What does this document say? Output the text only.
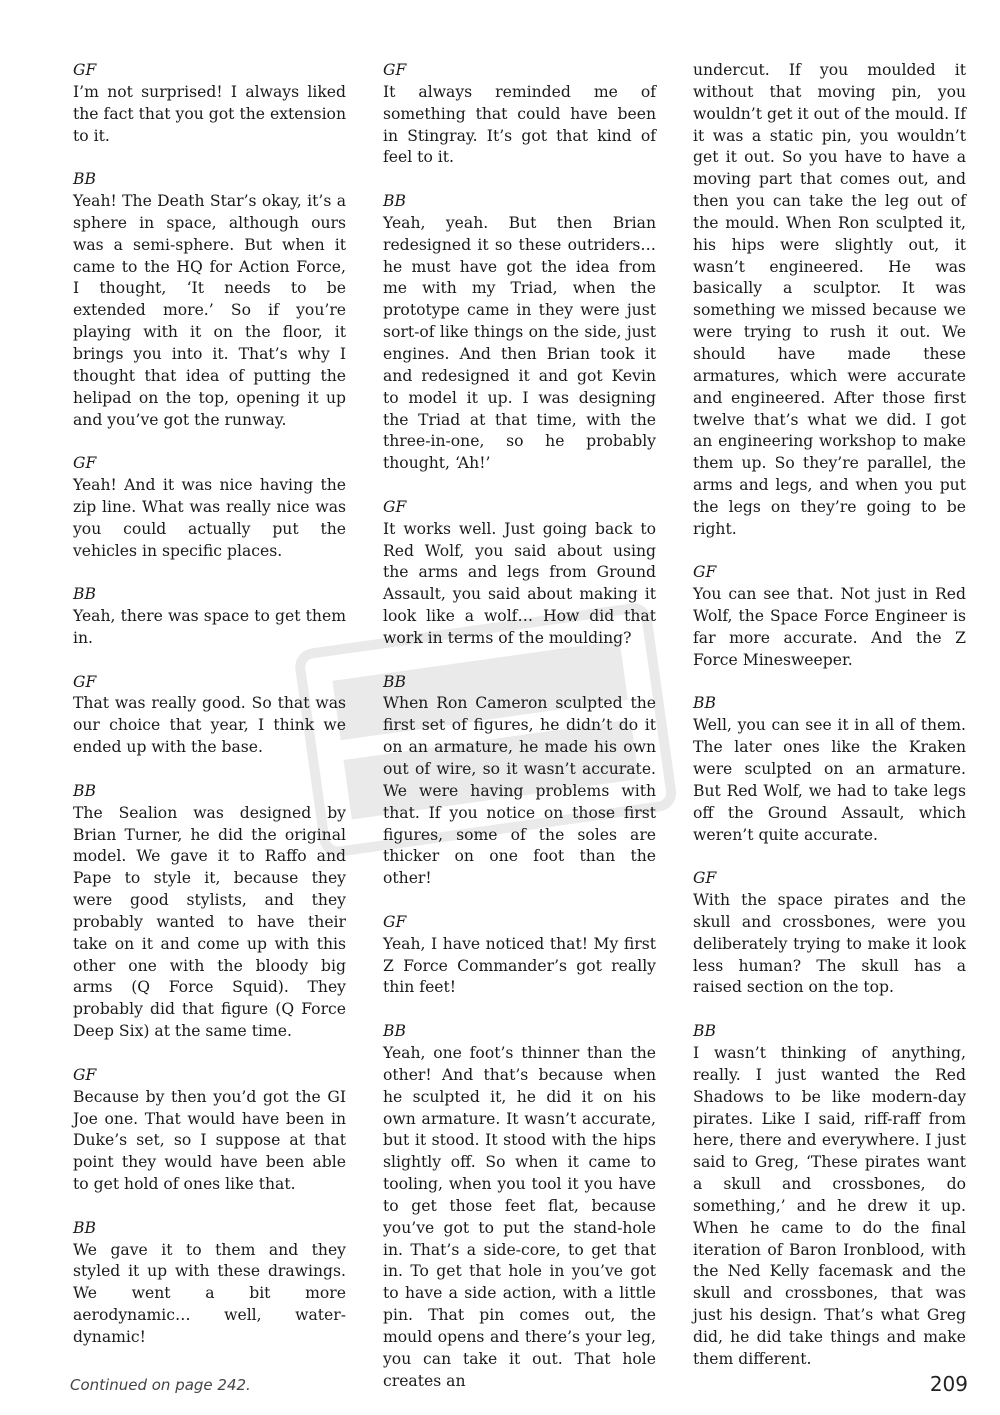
GF
I’m not surprised! I always liked the fact that you got the extension to it.
BB
Yeah! The Death Star’s okay, it’s a sphere in space, although ours was a semi-sphere. But when it came to the HQ for Action Force, I thought, ‘It needs to be extended more.’ So if you’re playing with it on the floor, it brings you into it. That’s why I thought that idea of putting the helipad on the top, opening it up and you’ve got the runway.
GF
Yeah! And it was nice having the zip line. What was really nice was you could actually put the vehicles in specific places.
BB
Yeah, there was space to get them in.
GF
That was really good. So that was our choice that year, I think we ended up with the base.
BB
The Sealion was designed by Brian Turner, he did the original model. We gave it to Raffo and Pape to style it, because they were good stylists, and they probably wanted to have their take on it and come up with this other one with the bloody big arms (Q Force Squid). They probably did that figure (Q Force Deep Six) at the same time.
GF
Because by then you’d got the GI Joe one. That would have been in Duke’s set, so I suppose at that point they would have been able to get hold of ones like that.
BB
We gave it to them and they styled it up with these drawings. We went a bit more aerodynamic… well, water-dynamic!
GF
It always reminded me of something that could have been in Stingray. It’s got that kind of feel to it.
BB
Yeah, yeah. But then Brian redesigned it so these outriders… he must have got the idea from me with my Triad, when the prototype came in they were just sort-of like things on the side, just engines. And then Brian took it and redesigned it and got Kevin to model it up. I was designing the Triad at that time, with the three-in-one, so he probably thought, ‘Ah!’
GF
It works well. Just going back to Red Wolf, you said about using the arms and legs from Ground Assault, you said about making it look like a wolf… How did that work in terms of the moulding?
BB
When Ron Cameron sculpted the first set of figures, he didn’t do it on an armature, he made his own out of wire, so it wasn’t accurate. We were having problems with that. If you notice on those first figures, some of the soles are thicker on one foot than the other!
GF
Yeah, I have noticed that! My first Z Force Commander’s got really thin feet!
BB
Yeah, one foot’s thinner than the other! And that’s because when he sculpted it, he did it on his own armature. It wasn’t accurate, but it stood. It stood with the hips slightly off. So when it came to tooling, when you tool it you have to get those feet flat, because you’ve got to put the stand-hole in. That’s a side-core, to get that in. To get that hole in you’ve got to have a side action, with a little pin. That pin comes out, the mould opens and there’s your leg, you can take it out. That hole creates an
undercut. If you moulded it without that moving pin, you wouldn’t get it out of the mould. If it was a static pin, you wouldn’t get it out. So you have to have a moving part that comes out, and then you can take the leg out of the mould. When Ron sculpted it, his hips were slightly out, it wasn’t engineered. He was basically a sculptor. It was something we missed because we were trying to rush it out. We should have made these armatures, which were accurate and engineered. After those first twelve that’s what we did. I got an engineering workshop to make them up. So they’re parallel, the arms and legs, and when you put the legs on they’re going to be right.
GF
You can see that. Not just in Red Wolf, the Space Force Engineer is far more accurate. And the Z Force Minesweeper.
BB
Well, you can see it in all of them. The later ones like the Kraken were sculpted on an armature. But Red Wolf, we had to take legs off the Ground Assault, which weren’t quite accurate.
GF
With the space pirates and the skull and crossbones, were you deliberately trying to make it look less human? The skull has a raised section on the top.
BB
I wasn’t thinking of anything, really. I just wanted the Red Shadows to be like modern-day pirates. Like I said, riff-raff from here, there and everywhere. I just said to Greg, ‘These pirates want a skull and crossbones, do something,’ and he drew it up. When he came to do the final iteration of Baron Ironblood, with the Ned Kelly facemask and the skull and crossbones, that was just his design. That’s what Greg did, he did take things and make them different.
Continued on page 242.	209
